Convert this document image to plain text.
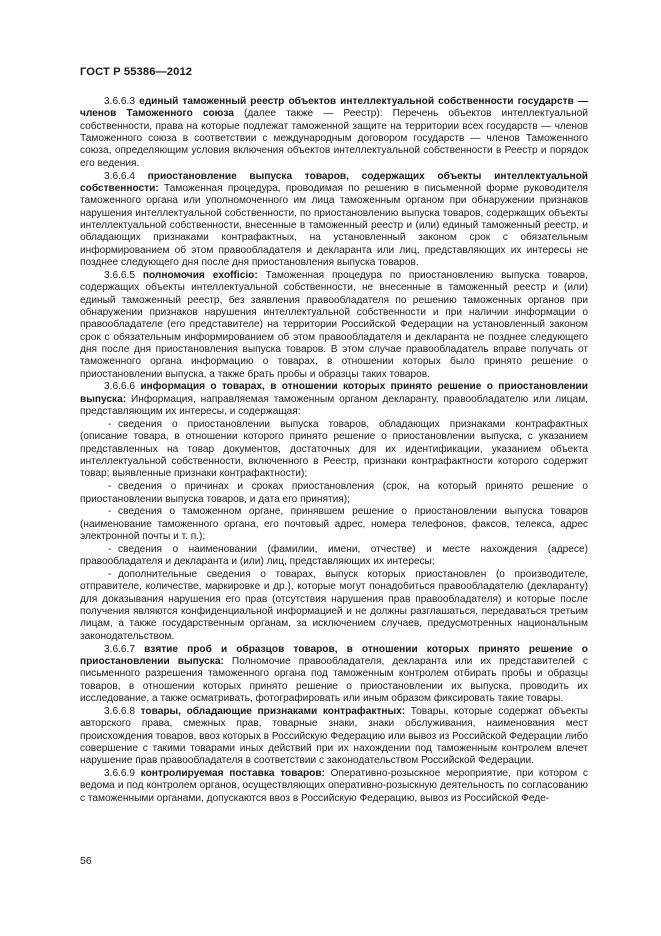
ГОСТ Р 55386—2012

3.6.6.3 единый таможенный реестр объектов интеллектуальной собственности государств — членов Таможенного союза (далее также — Реестр): Перечень объектов интеллектуальной собственности, права на которые подлежат таможенной защите на территории всех государств — членов Таможенного союза в соответствии с международным договором государств — членов Таможенного союза, определяющим условия включения объектов интеллектуальной собственности в Реестр и порядок его ведения.

3.6.6.4 приостановление выпуска товаров, содержащих объекты интеллектуальной собственности: Таможенная процедура, проводимая по решению в письменной форме руководителя таможенного органа или уполномоченного им лица таможенным органом при обнаружении признаков нарушения интеллектуальной собственности, по приостановлению выпуска товаров, содержащих объекты интеллектуальной собственности, внесенные в таможенный реестр и (или) единый таможенный реестр, и обладающих признаками контрафактных, на установленный законом срок с обязательным информированием об этом правообладателя и декларанта или лиц, представляющих их интересы не позднее следующего дня после дня приостановления выпуска товаров.

3.6.6.5 полномочия exofficio: Таможенная процедура по приостановлению выпуска товаров, содержащих объекты интеллектуальной собственности, не внесенные в таможенный реестр и (или) единый таможенный реестр, без заявления правообладателя по решению таможенных органов при обнаружении признаков нарушения интеллектуальной собственности и при наличии информации о правообладателе (его представителе) на территории Российской Федерации на установленный законом срок с обязательным информированием об этом правообладателя и декларанта не позднее следующего дня после дня приостановления выпуска товаров. В этом случае правообладатель вправе получать от таможенного органа информацию о товарах, в отношении которых было принято решение о приостановлении выпуска, а также брать пробы и образцы таких товаров.

3.6.6.6 информация о товарах, в отношении которых принято решение о приостановлении выпуска: Информация, направляемая таможенным органом декларанту, правообладателю или лицам, представляющим их интересы, и содержащая:

- сведения о приостановлении выпуска товаров, обладающих признаками контрафактных (описание товара, в отношении которого принято решение о приостановлении выпуска, с указанием представленных на товар документов, достаточных для их идентификации, указанием объекта интеллектуальной собственности, включенного в Реестр, признаки контрафактности которого содержит товар; выявленные признаки контрафактности);

- сведения о причинах и сроках приостановления (срок, на который принято решение о приостановлении выпуска товаров, и дата его принятия);

- сведения о таможенном органе, принявшем решение о приостановлении выпуска товаров (наименование таможенного органа, его почтовый адрес, номера телефонов, факсов, телекса, адрес электронной почты и т. п.);

- сведения о наименовании (фамилии, имени, отчестве) и месте нахождения (адресе) правообладателя и декларанта и (или) лиц, представляющих их интересы;

- дополнительные сведения о товарах, выпуск которых приостановлен (о производителе, отправителе, количестве, маркировке и др.), которые могут понадобиться правообладателю (декларанту) для доказывания нарушения его прав (отсутствия нарушения прав правообладателя) и которые после получения являются конфиденциальной информацией и не должны разглашаться, передаваться третьим лицам, а также государственным органам, за исключением случаев, предусмотренных национальным законодательством.

3.6.6.7 взятие проб и образцов товаров, в отношении которых принято решение о приостановлении выпуска: Полномочие правообладателя, декларанта или их представителей с письменного разрешения таможенного органа под таможенным контролем отбирать пробы и образцы товаров, в отношении которых принято решение о приостановлении их выпуска, проводить их исследование, а также осматривать, фотографировать или иным образом фиксировать такие товары.

3.6.6.8 товары, обладающие признаками контрафактных: Товары, которые содержат объекты авторского права, смежных прав, товарные знаки, знаки обслуживания, наименования мест происхождения товаров, ввоз которых в Российскую Федерацию или вывоз из Российской Федерации либо совершение с такими товарами иных действий при их нахождении под таможенным контролем влечет нарушение прав правообладателя в соответствии с законодательством Российской Федерации.

3.6.6.9 контролируемая поставка товаров: Оперативно-розыскное мероприятие, при котором с ведома и под контролем органов, осуществляющих оперативно-розыскную деятельность по согласованию с таможенными органами, допускаются ввоз в Российскую Федерацию, вывоз из Российской Феде-

56
